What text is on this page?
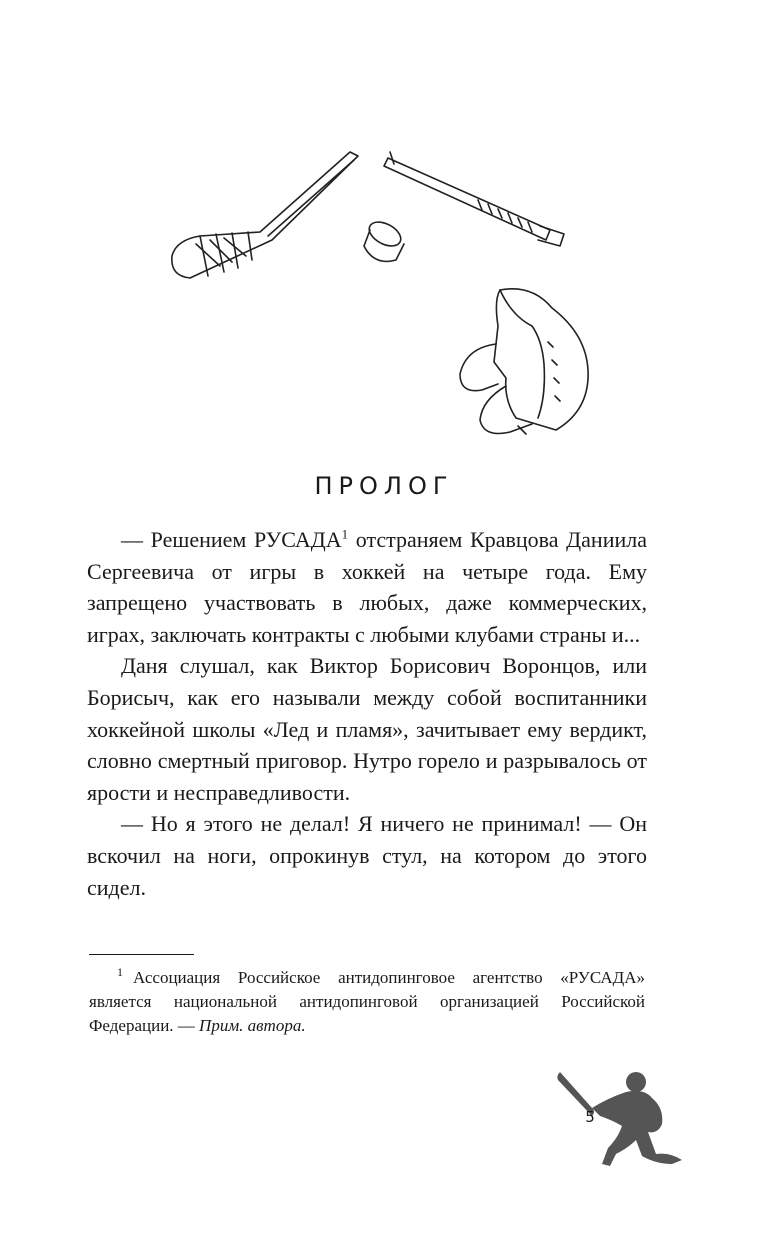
ПРОЛОГ

— Решением РУСАДА$^1$ отстраняем Кравцова Даниила Сергеевича от игры в хоккей на четыре года. Ему запрещено участвовать в любых, даже коммерческих, играх, заключать контракты с любыми клубами страны и...

Даня слушал, как Виктор Борисович Воронцов, или Борисыч, как его называли между собой воспитанники хоккейной школы «Лед и пламя», зачитывает ему вердикт, словно смертный приговор. Нутро горело и разрывалось от ярости и несправедливости.

— Но я этого не делал! Я ничего не принимал! — Он вскочил на ноги, опрокинув стул, на котором до этого сидел.

$^1$ Ассоциация Российское антидопинговое агентство «РУСАДА» является национальной антидопинговой организацией Российской Федерации. — Прим. автора.

5
